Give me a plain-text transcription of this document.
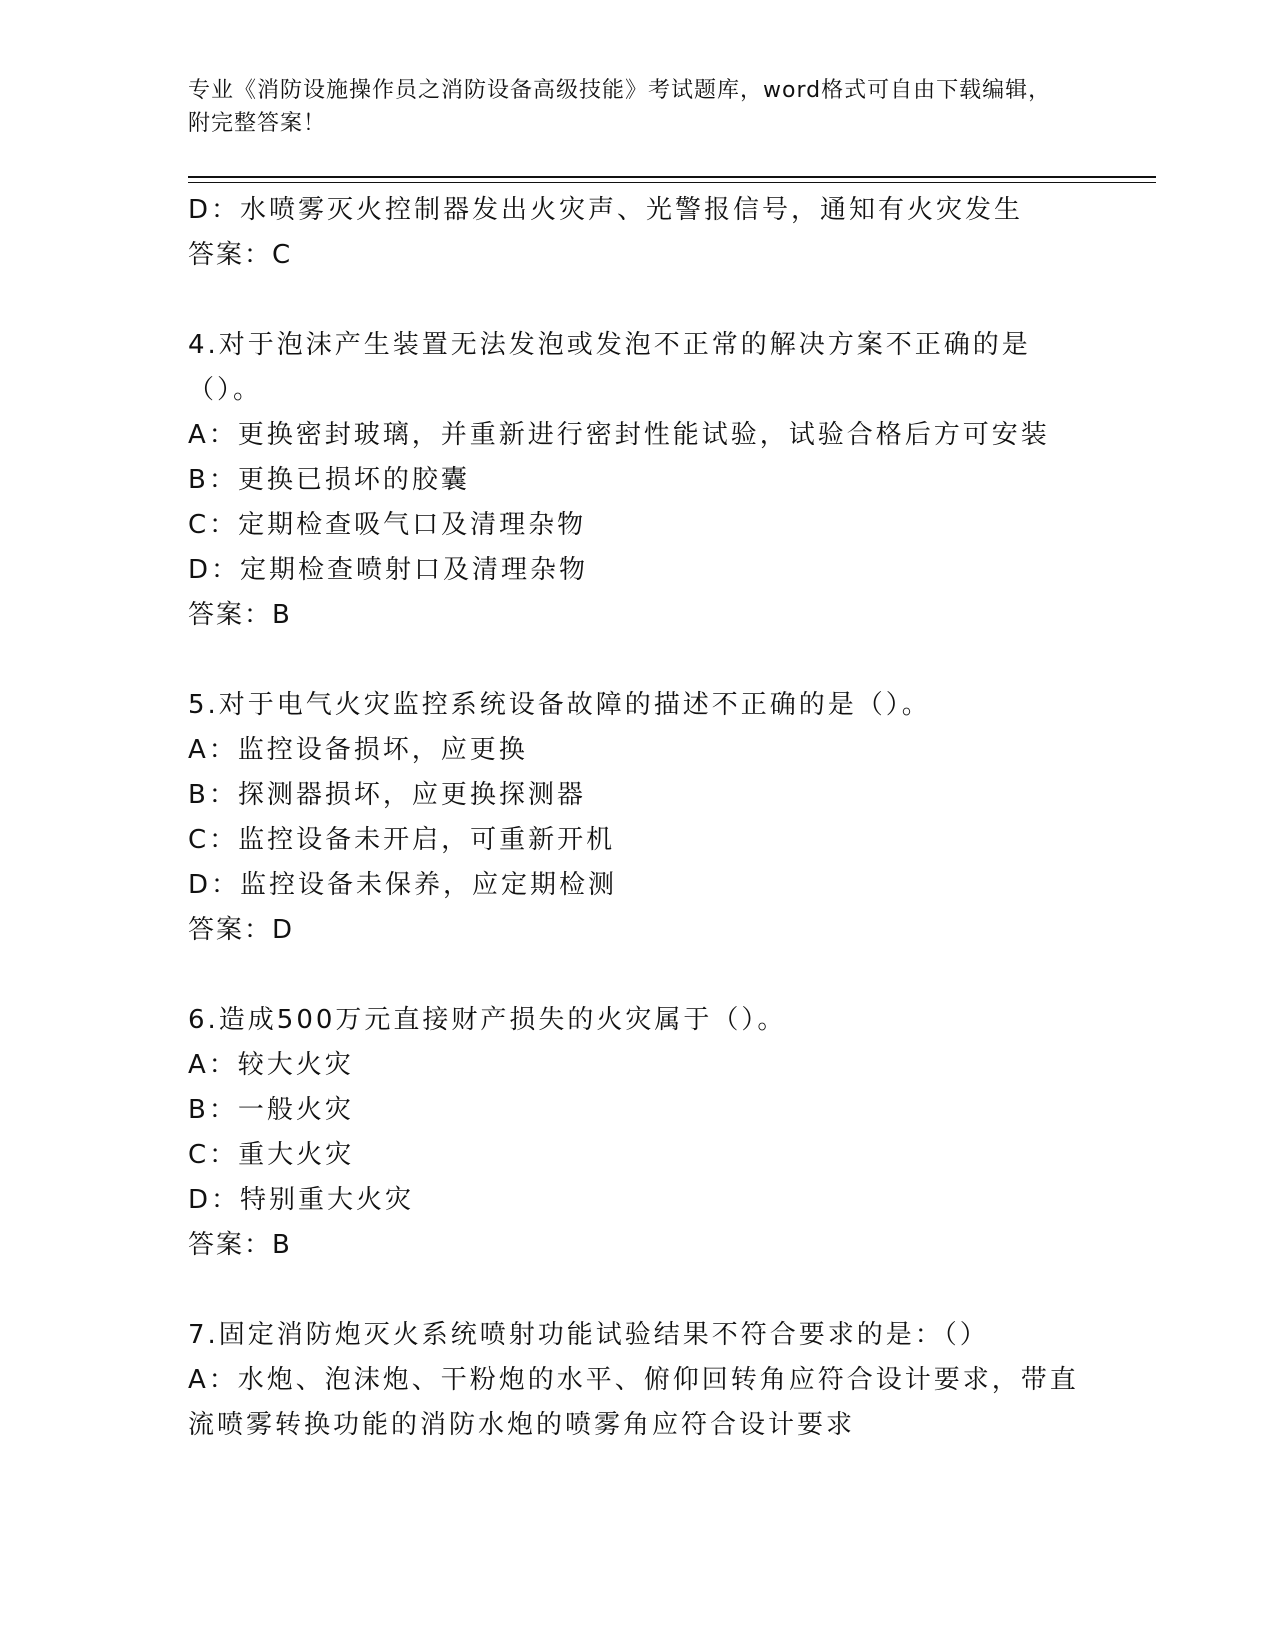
专业《消防设施操作员之消防设备高级技能》考试题库，word格式可自由下载编辑，附完整答案！

D：水喷雾灭火控制器发出火灾声、光警报信号，通知有火灾发生

答案：C

4.对于泡沫产生装置无法发泡或发泡不正常的解决方案不正确的是（）。

A：更换密封玻璃，并重新进行密封性能试验，试验合格后方可安装

B：更换已损坏的胶囊

C：定期检查吸气口及清理杂物

D：定期检查喷射口及清理杂物

答案：B

5.对于电气火灾监控系统设备故障的描述不正确的是（）。

A：监控设备损坏，应更换

B：探测器损坏，应更换探测器

C：监控设备未开启，可重新开机

D：监控设备未保养，应定期检测

答案：D

6.造成500万元直接财产损失的火灾属于（）。

A：较大火灾

B：一般火灾

C：重大火灾

D：特别重大火灾

答案：B

7.固定消防炮灭火系统喷射功能试验结果不符合要求的是：（）

A：水炮、泡沫炮、干粉炮的水平、俯仰回转角应符合设计要求，带直流喷雾转换功能的消防水炮的喷雾角应符合设计要求
